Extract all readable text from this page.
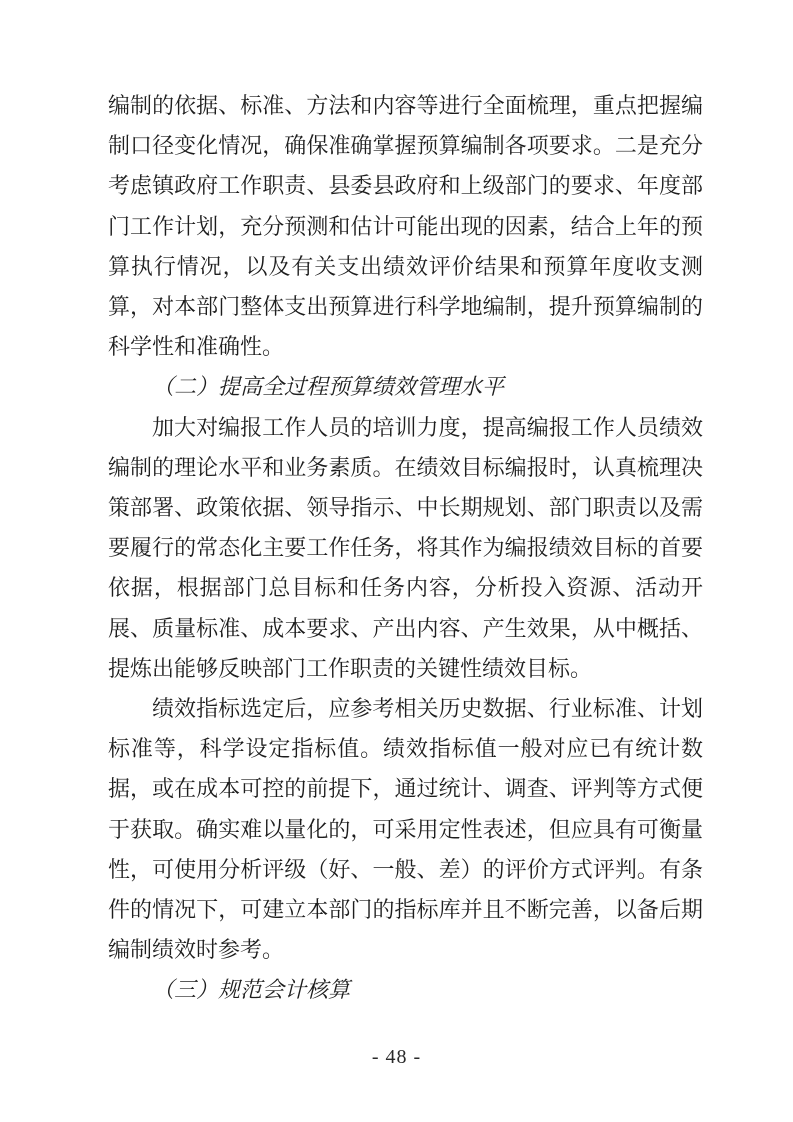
编制的依据、标准、方法和内容等进行全面梳理，重点把握编制口径变化情况，确保准确掌握预算编制各项要求。二是充分考虑镇政府工作职责、县委县政府和上级部门的要求、年度部门工作计划，充分预测和估计可能出现的因素，结合上年的预算执行情况，以及有关支出绩效评价结果和预算年度收支测算，对本部门整体支出预算进行科学地编制，提升预算编制的科学性和准确性。

（二）提高全过程预算绩效管理水平

加大对编报工作人员的培训力度，提高编报工作人员绩效编制的理论水平和业务素质。在绩效目标编报时，认真梳理决策部署、政策依据、领导指示、中长期规划、部门职责以及需要履行的常态化主要工作任务，将其作为编报绩效目标的首要依据，根据部门总目标和任务内容，分析投入资源、活动开展、质量标准、成本要求、产出内容、产生效果，从中概括、提炼出能够反映部门工作职责的关键性绩效目标。

绩效指标选定后，应参考相关历史数据、行业标准、计划标准等，科学设定指标值。绩效指标值一般对应已有统计数据，或在成本可控的前提下，通过统计、调查、评判等方式便于获取。确实难以量化的，可采用定性表述，但应具有可衡量性，可使用分析评级（好、一般、差）的评价方式评判。有条件的情况下，可建立本部门的指标库并且不断完善，以备后期编制绩效时参考。

（三）规范会计核算

- 48 -
